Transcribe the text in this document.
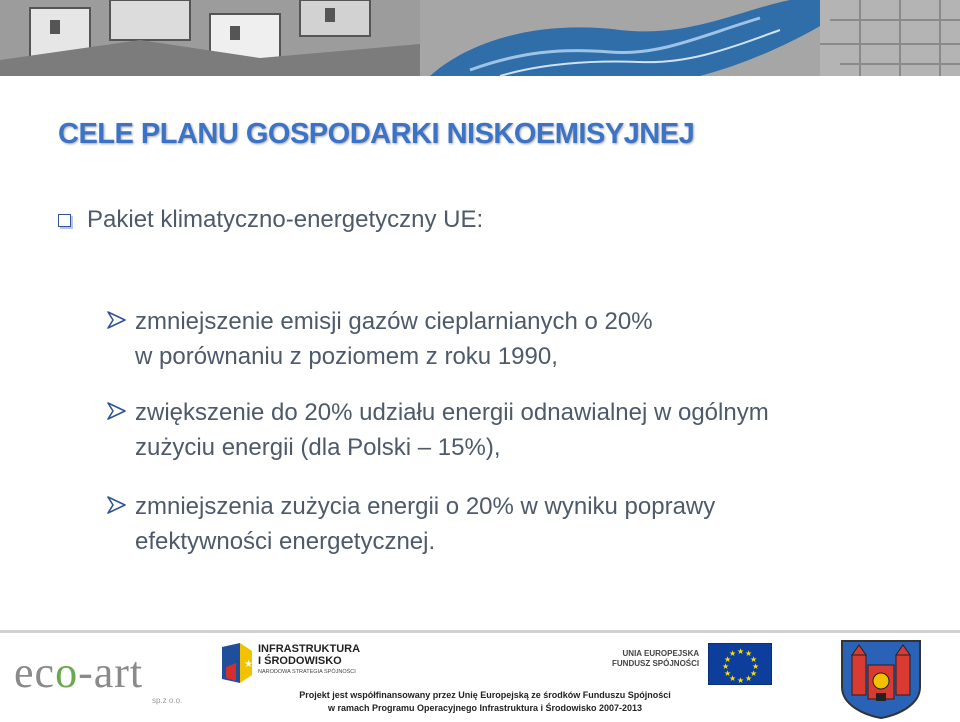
CELE PLANU GOSPODARKI NISKOEMISYJNEJ
Pakiet klimatyczno-energetyczny UE:
zmniejszenie emisji gazów cieplarnianych o 20%
w porównaniu z poziomem z roku 1990,
zwiększenie do 20% udziału energii odnawialnej w ogólnym
zużyciu energii (dla Polski – 15%),
zmniejszenia zużycia energii o 20% w wyniku poprawy
efektywności energetycznej.
eco-art
sp.z o.o.
★
INFRASTRUKTURA
I ŚRODOWISKO
NARODOWA STRATEGIA SPÓJNOŚCI
UNIA EUROPEJSKA
FUNDUSZ SPÓJNOŚCI
★ ★
★
★
★
★
★
★
★
★
★
★
Projekt jest współfinansowany przez Unię Europejską ze środków Funduszu Spójności
w ramach Programu Operacyjnego Infrastruktura i Środowisko 2007-2013
